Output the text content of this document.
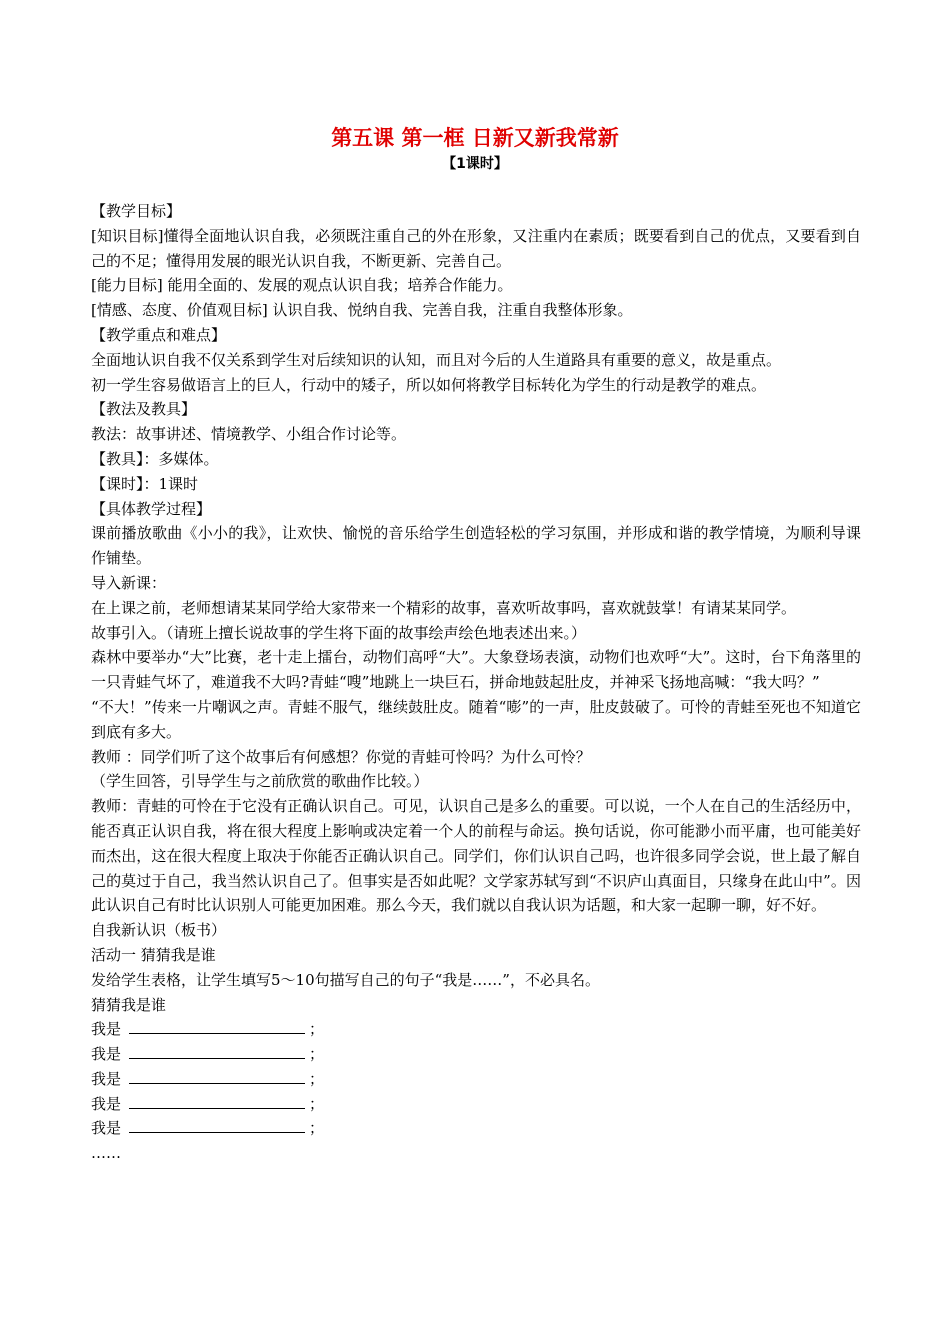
第五课 第一框 日新又新我常新
【1课时】

【教学目标】

[知识目标]懂得全面地认识自我，必须既注重自己的外在形象，又注重内在素质；既要看到自己的优点，又要看到自己的不足；懂得用发展的眼光认识自我，不断更新、完善自己。

[能力目标] 能用全面的、发展的观点认识自我；培养合作能力。

[情感、态度、价值观目标] 认识自我、悦纳自我、完善自我，注重自我整体形象。

【教学重点和难点】

全面地认识自我不仅关系到学生对后续知识的认知，而且对今后的人生道路具有重要的意义，故是重点。

初一学生容易做语言上的巨人，行动中的矮子，所以如何将教学目标转化为学生的行动是教学的难点。

【教法及教具】

教法：故事讲述、情境教学、小组合作讨论等。

【教具】：多媒体。

【课时】：1课时

【具体教学过程】

课前播放歌曲《小小的我》，让欢快、愉悦的音乐给学生创造轻松的学习氛围，并形成和谐的教学情境，为顺利导课作铺垫。

导入新课：

在上课之前，老师想请某某同学给大家带来一个精彩的故事，喜欢听故事吗，喜欢就鼓掌！有请某某同学。

故事引入。（请班上擅长说故事的学生将下面的故事绘声绘色地表述出来。）

森林中要举办“大”比赛，老十走上擂台，动物们高呼“大”。大象登场表演，动物们也欢呼“大”。这时，台下角落里的一只青蛙气坏了，难道我不大吗?青蛙“嗖”地跳上一块巨石，拼命地鼓起肚皮，并神采飞扬地高喊：“我大吗？”

“不大！”传来一片嘲讽之声。青蛙不服气，继续鼓肚皮。随着“嘭”的一声，肚皮鼓破了。可怜的青蛙至死也不知道它到底有多大。

教师 ：同学们听了这个故事后有何感想？你觉的青蛙可怜吗？为什么可怜？

（学生回答，引导学生与之前欣赏的歌曲作比较。）

教师：青蛙的可怜在于它没有正确认识自己。可见，认识自己是多么的重要。可以说，一个人在自己的生活经历中，能否真正认识自我，将在很大程度上影响或决定着一个人的前程与命运。换句话说，你可能渺小而平庸，也可能美好而杰出，这在很大程度上取决于你能否正确认识自己。同学们，你们认识自己吗，也许很多同学会说，世上最了解自己的莫过于自己，我当然认识自己了。但事实是否如此呢？文学家苏轼写到“不识庐山真面目，只缘身在此山中”。因此认识自己有时比认识别人可能更加困难。那么今天，我们就以自我认识为话题，和大家一起聊一聊，好不好。

自我新认识（板书）

活动一 猜猜我是谁

发给学生表格，让学生填写5～10句描写自己的句子“我是……”，不必具名。

猜猜我是谁

我是	；

我是	；

我是	；

我是	；

我是	；

……
